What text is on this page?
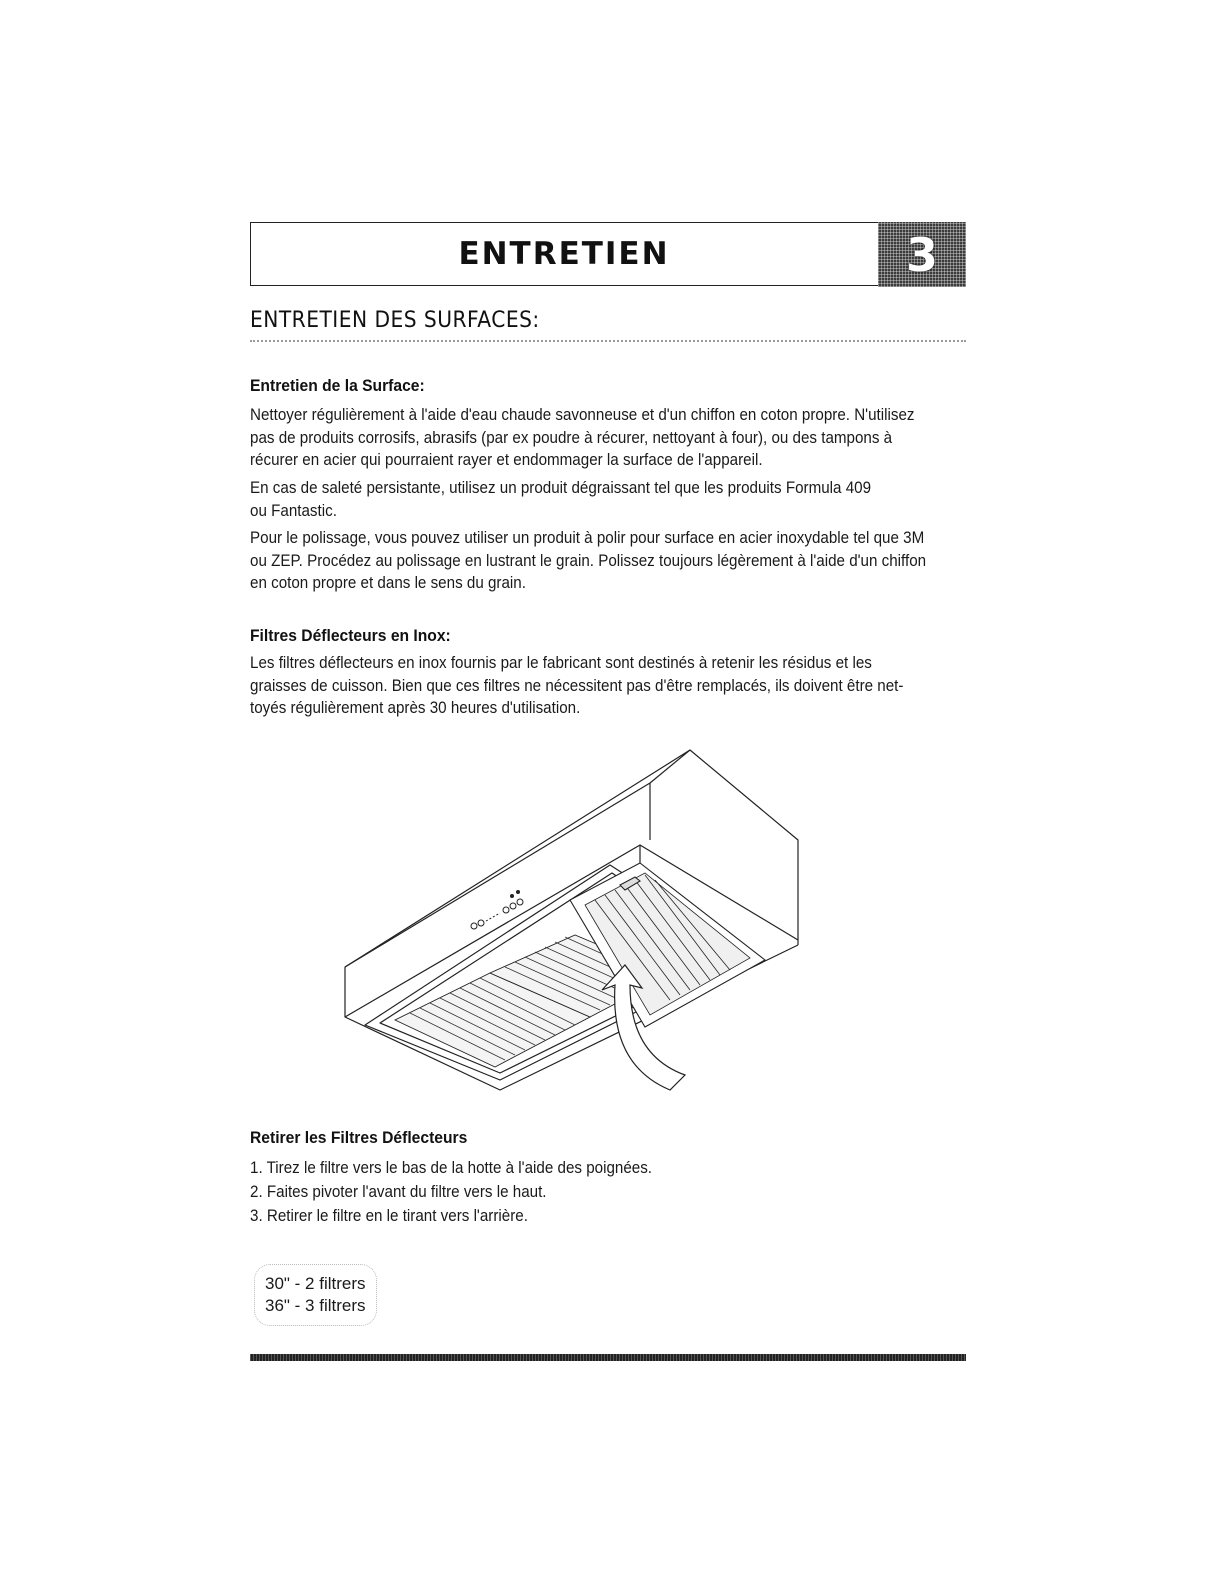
ENTRETIEN	3
ENTRETIEN DES SURFACES:
Entretien de la Surface:
Nettoyer régulièrement à l'aide d'eau chaude savonneuse et d'un chiffon en coton propre. N'utilisez
pas de produits corrosifs, abrasifs (par ex poudre à récurer, nettoyant à four), ou des tampons à
récurer en acier qui pourraient rayer et endommager la surface de l'appareil.
En cas de saleté persistante, utilisez un produit dégraissant tel que les produits Formula 409
ou Fantastic.
Pour le polissage, vous pouvez utiliser un produit à polir pour surface en acier inoxydable tel que 3M
ou ZEP. Procédez au polissage en lustrant le grain. Polissez toujours légèrement à l'aide d'un chiffon
en coton propre et dans le sens du grain.
Filtres Déflecteurs en Inox:
Les filtres déflecteurs en inox fournis par le fabricant sont destinés à retenir les résidus et les
graisses de cuisson. Bien que ces filtres ne nécessitent pas d'être remplacés, ils doivent être net-
toyés régulièrement après 30 heures d'utilisation.
Retirer les Filtres Déflecteurs
1. Tirez le filtre vers le bas de la hotte à l'aide des poignées.
2. Faites pivoter l'avant du filtre vers le haut.
3. Retirer le filtre en le tirant vers l'arrière.
30" - 2 filtrers
36" - 3 filtrers
